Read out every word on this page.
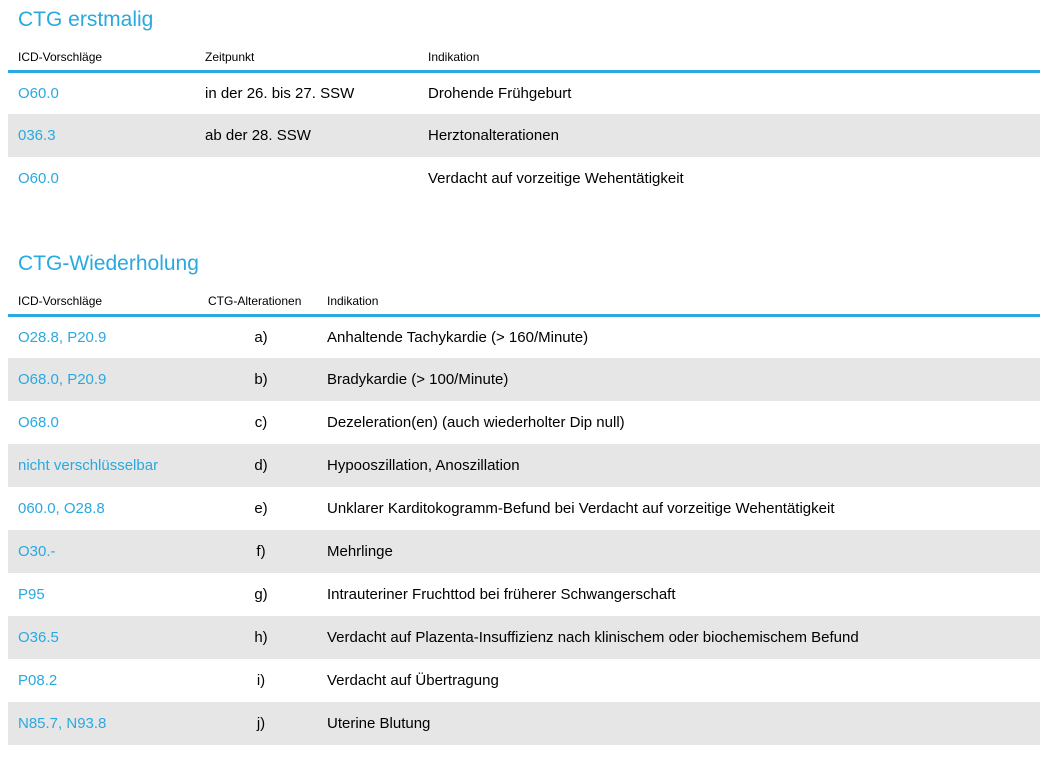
CTG erstmalig
ICD-Vorschläge	Zeitpunkt	Indikation
O60.0	in der 26. bis 27. SSW	Drohende Frühgeburt
036.3	ab der 28. SSW	Herztonalterationen
O60.0		Verdacht auf vorzeitige Wehentätigkeit
CTG-Wiederholung
ICD-Vorschläge	CTG-Alterationen	Indikation
O28.8, P20.9	a)	Anhaltende Tachykardie (> 160/Minute)
O68.0, P20.9	b)	Bradykardie (> 100/Minute)
O68.0	c)	Dezeleration(en) (auch wiederholter Dip null)
nicht verschlüsselbar	d)	Hypooszillation, Anoszillation
060.0, O28.8	e)	Unklarer Karditokogramm-Befund bei Verdacht auf vorzeitige Wehentätigkeit
O30.-	f)	Mehrlinge
P95	g)	Intrauteriner Fruchttod bei früherer Schwangerschaft
O36.5	h)	Verdacht auf Plazenta-Insuffizienz nach klinischem oder biochemischem Befund
P08.2	i)	Verdacht auf Übertragung
N85.7, N93.8	j)	Uterine Blutung
